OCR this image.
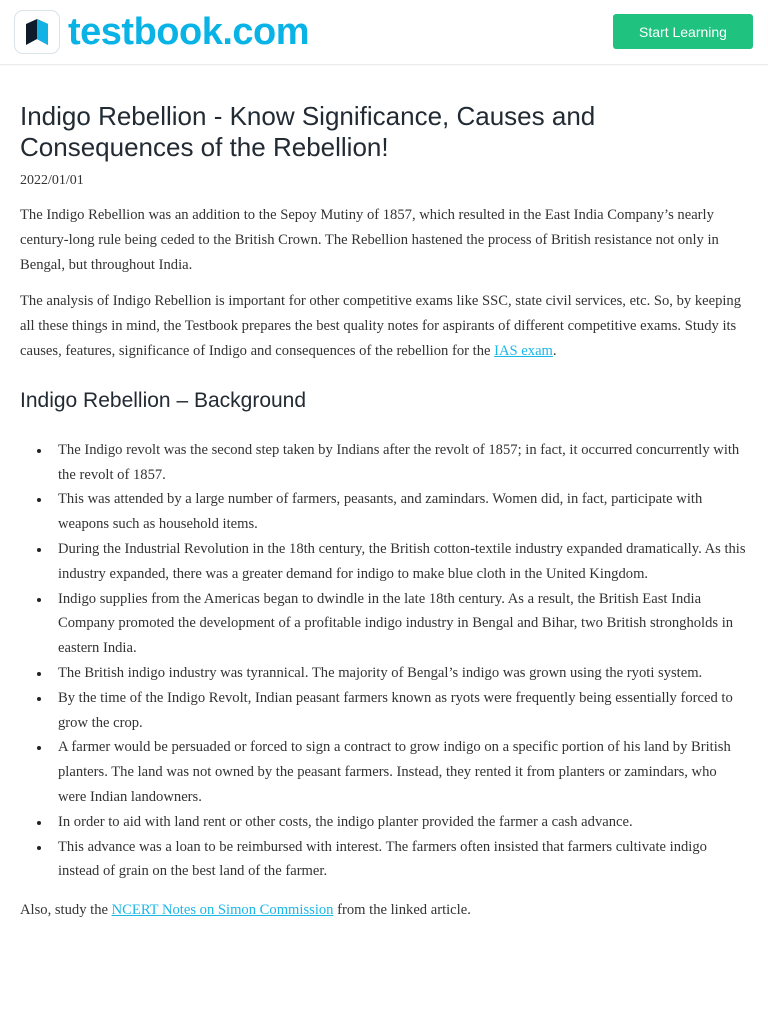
testbook.com	Start Learning
Indigo Rebellion - Know Significance, Causes and Consequences of the Rebellion!
2022/01/01

The Indigo Rebellion was an addition to the Sepoy Mutiny of 1857, which resulted in the East India Company’s nearly century-long rule being ceded to the British Crown. The Rebellion hastened the process of British resistance not only in Bengal, but throughout India.

The analysis of Indigo Rebellion is important for other competitive exams like SSC, state civil services, etc. So, by keeping all these things in mind, the Testbook prepares the best quality notes for aspirants of different competitive exams. Study its causes, features, significance of Indigo and consequences of the rebellion for the IAS exam.

Indigo Rebellion – Background
The Indigo revolt was the second step taken by Indians after the revolt of 1857; in fact, it occurred concurrently with the revolt of 1857.
This was attended by a large number of farmers, peasants, and zamindars. Women did, in fact, participate with weapons such as household items.
During the Industrial Revolution in the 18th century, the British cotton-textile industry expanded dramatically. As this industry expanded, there was a greater demand for indigo to make blue cloth in the United Kingdom.
Indigo supplies from the Americas began to dwindle in the late 18th century. As a result, the British East India Company promoted the development of a profitable indigo industry in Bengal and Bihar, two British strongholds in eastern India.
The British indigo industry was tyrannical. The majority of Bengal’s indigo was grown using the ryoti system.
By the time of the Indigo Revolt, Indian peasant farmers known as ryots were frequently being essentially forced to grow the crop.
A farmer would be persuaded or forced to sign a contract to grow indigo on a specific portion of his land by British planters. The land was not owned by the peasant farmers. Instead, they rented it from planters or zamindars, who were Indian landowners.
In order to aid with land rent or other costs, the indigo planter provided the farmer a cash advance.
This advance was a loan to be reimbursed with interest. The farmers often insisted that farmers cultivate indigo instead of grain on the best land of the farmer.

Also, study the NCERT Notes on Simon Commission from the linked article.
